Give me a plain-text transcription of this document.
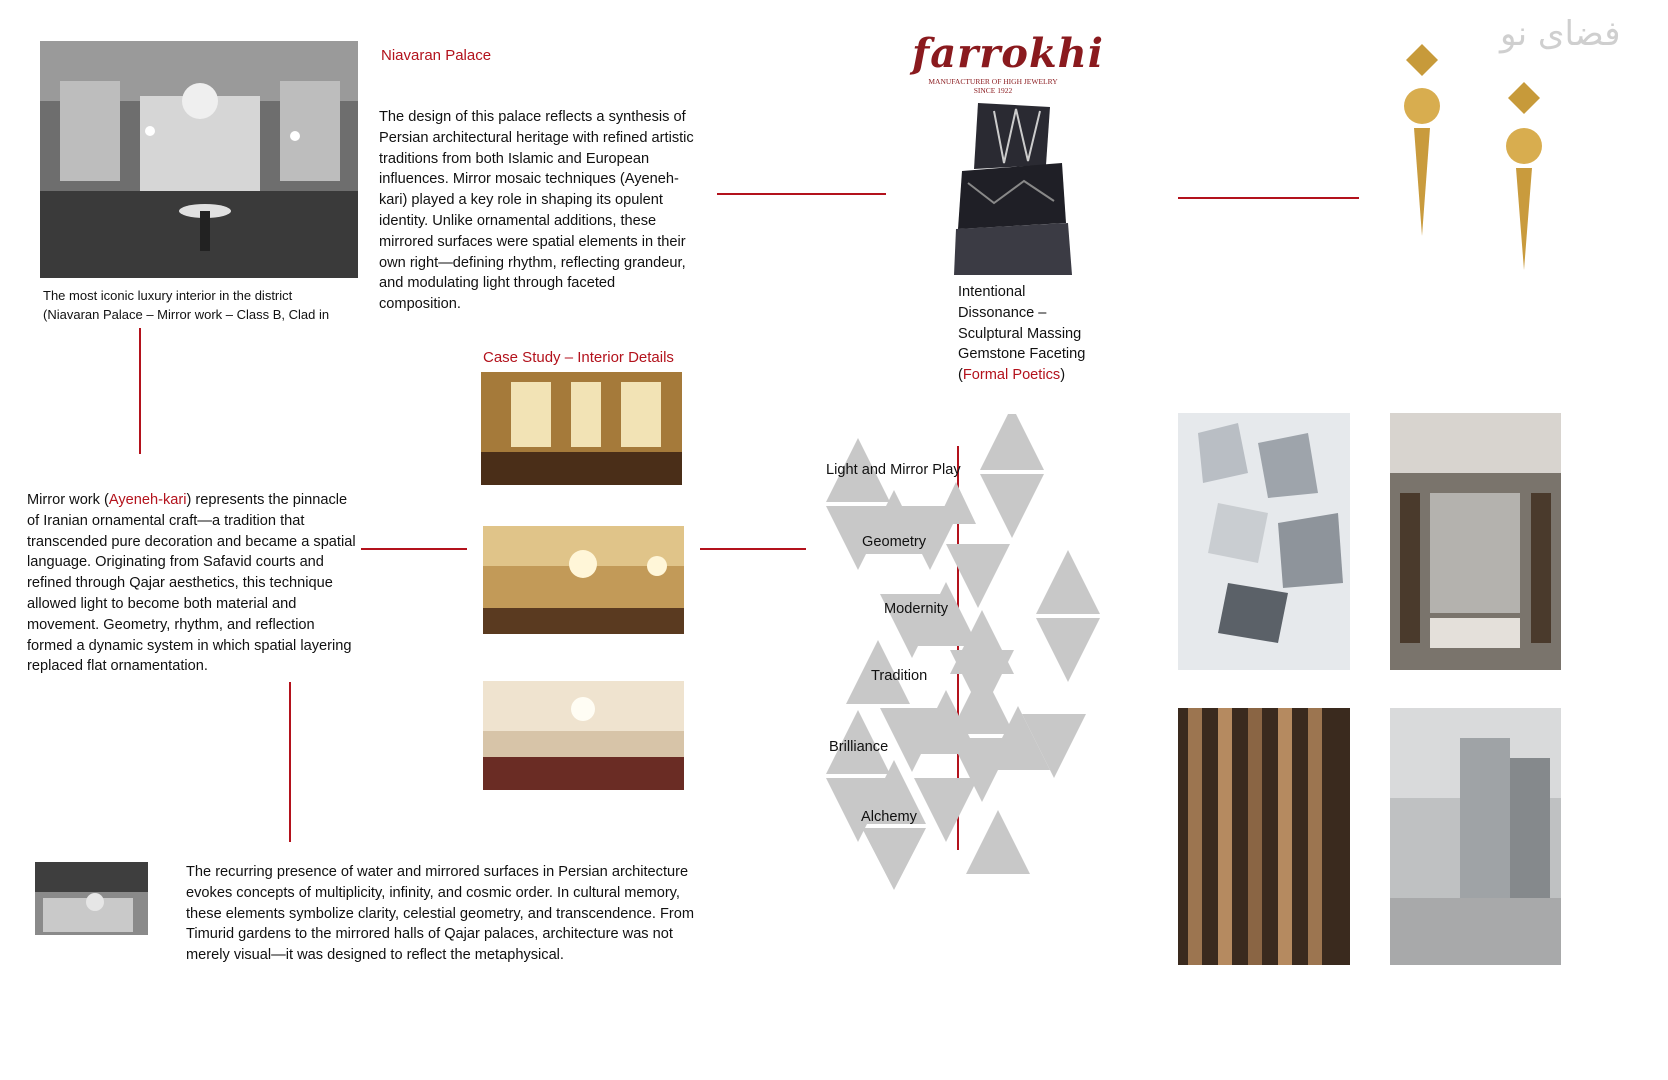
The most iconic luxury interior in the district
(Niavaran Palace – Mirror work – Class B, Clad in
Niavaran Palace
The design of this palace reflects a synthesis of Persian architectural heritage with refined artistic traditions from both Islamic and European influences. Mirror mosaic techniques (Ayeneh-kari) played a key role in shaping its opulent identity. Unlike ornamental additions, these mirrored surfaces were spatial elements in their own right—defining rhythm, reflecting grandeur, and modulating light through faceted composition.
farrokhi
MANUFACTURER OF HIGH JEWELRY
SINCE 1922
Intentional
Dissonance –
Sculptural Massing
Gemstone Faceting
(Formal Poetics)
فضای نو
Case Study – Interior Details
Mirror work (Ayeneh-kari) represents the pinnacle of Iranian ornamental craft—a tradition that transcended pure decoration and became a spatial language. Originating from Safavid courts and refined through Qajar aesthetics, this technique allowed light to become both material and movement. Geometry, rhythm, and reflection formed a dynamic system in which spatial layering replaced flat ornamentation.
Light and Mirror Play
Geometry
Modernity
Tradition
Brilliance
Alchemy
The recurring presence of water and mirrored surfaces in Persian architecture evokes concepts of multiplicity, infinity, and cosmic order. In cultural memory, these elements symbolize clarity, celestial geometry, and transcendence. From Timurid gardens to the mirrored halls of Qajar palaces, architecture was not merely visual—it was designed to reflect the metaphysical.
